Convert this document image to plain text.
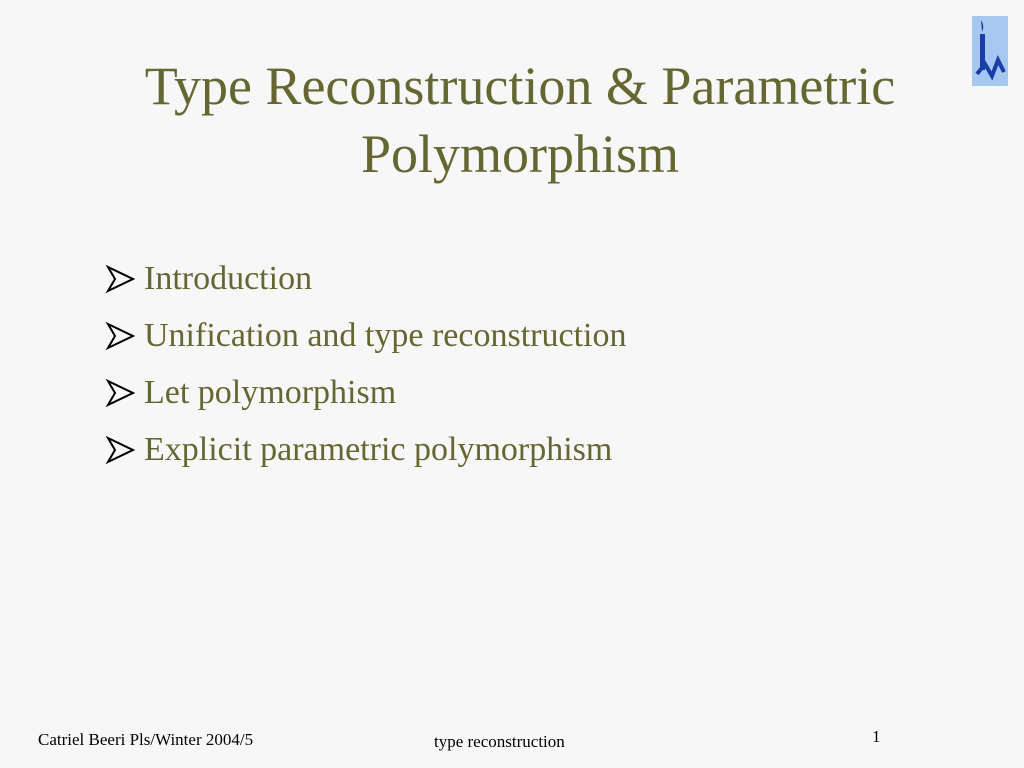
Type Reconstruction & Parametric
Polymorphism
Introduction
Unification and type reconstruction
Let polymorphism
Explicit parametric polymorphism
Catriel Beeri Pls/Winter 2004/5	type reconstruction	1
